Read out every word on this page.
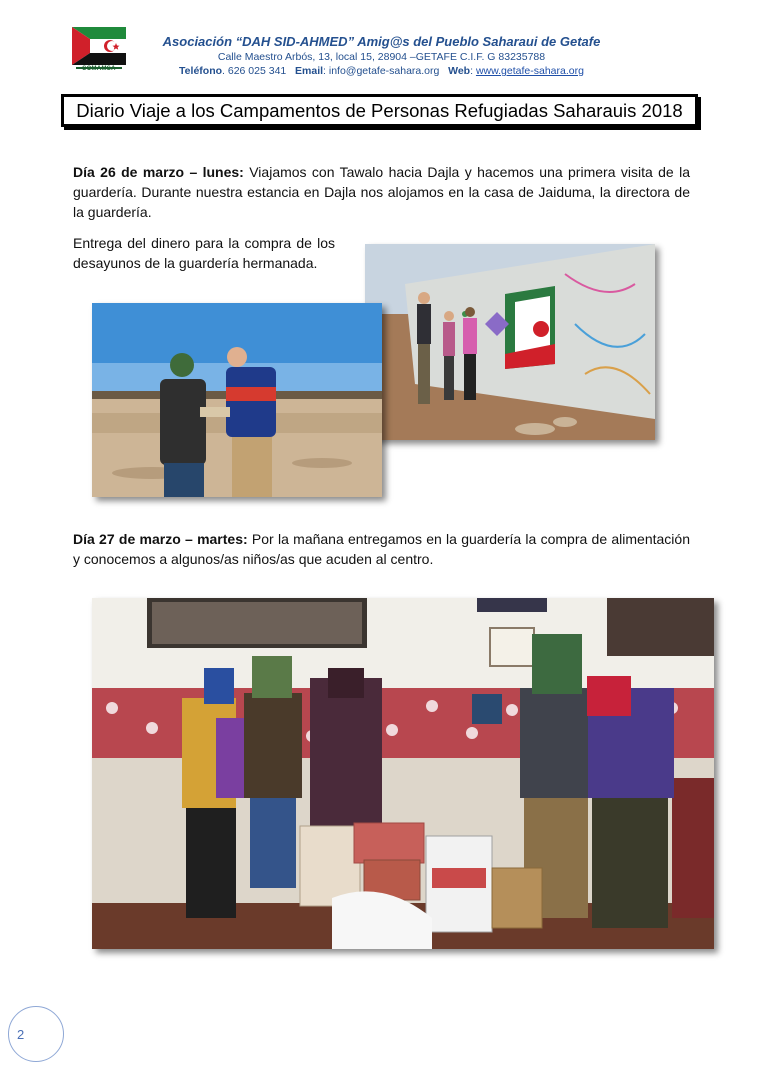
SOMAMSA
Asociación “DAH SID-AHMED” Amig@s del Pueblo Saharaui de Getafe
Calle Maestro Arbós, 13, local 15, 28904 –GETAFE C.I.F. G 83235788
Teléfono. 626 025 341 Email: info@getafe-sahara.org Web: www.getafe-sahara.org
Diario Viaje a los Campamentos de Personas Refugiadas Saharauis 2018
Día 26 de marzo – lunes: Viajamos con Tawalo hacia Dajla y hacemos una primera visita de la guardería. Durante nuestra estancia en Dajla nos alojamos en la casa de Jaiduma, la directora de la guardería.
Entrega del dinero para la compra de los desayunos de la guardería hermanada.
Día 27 de marzo – martes: Por la mañana entregamos en la guardería la compra de alimentación y conocemos a algunos/as niños/as que acuden al centro.
2
